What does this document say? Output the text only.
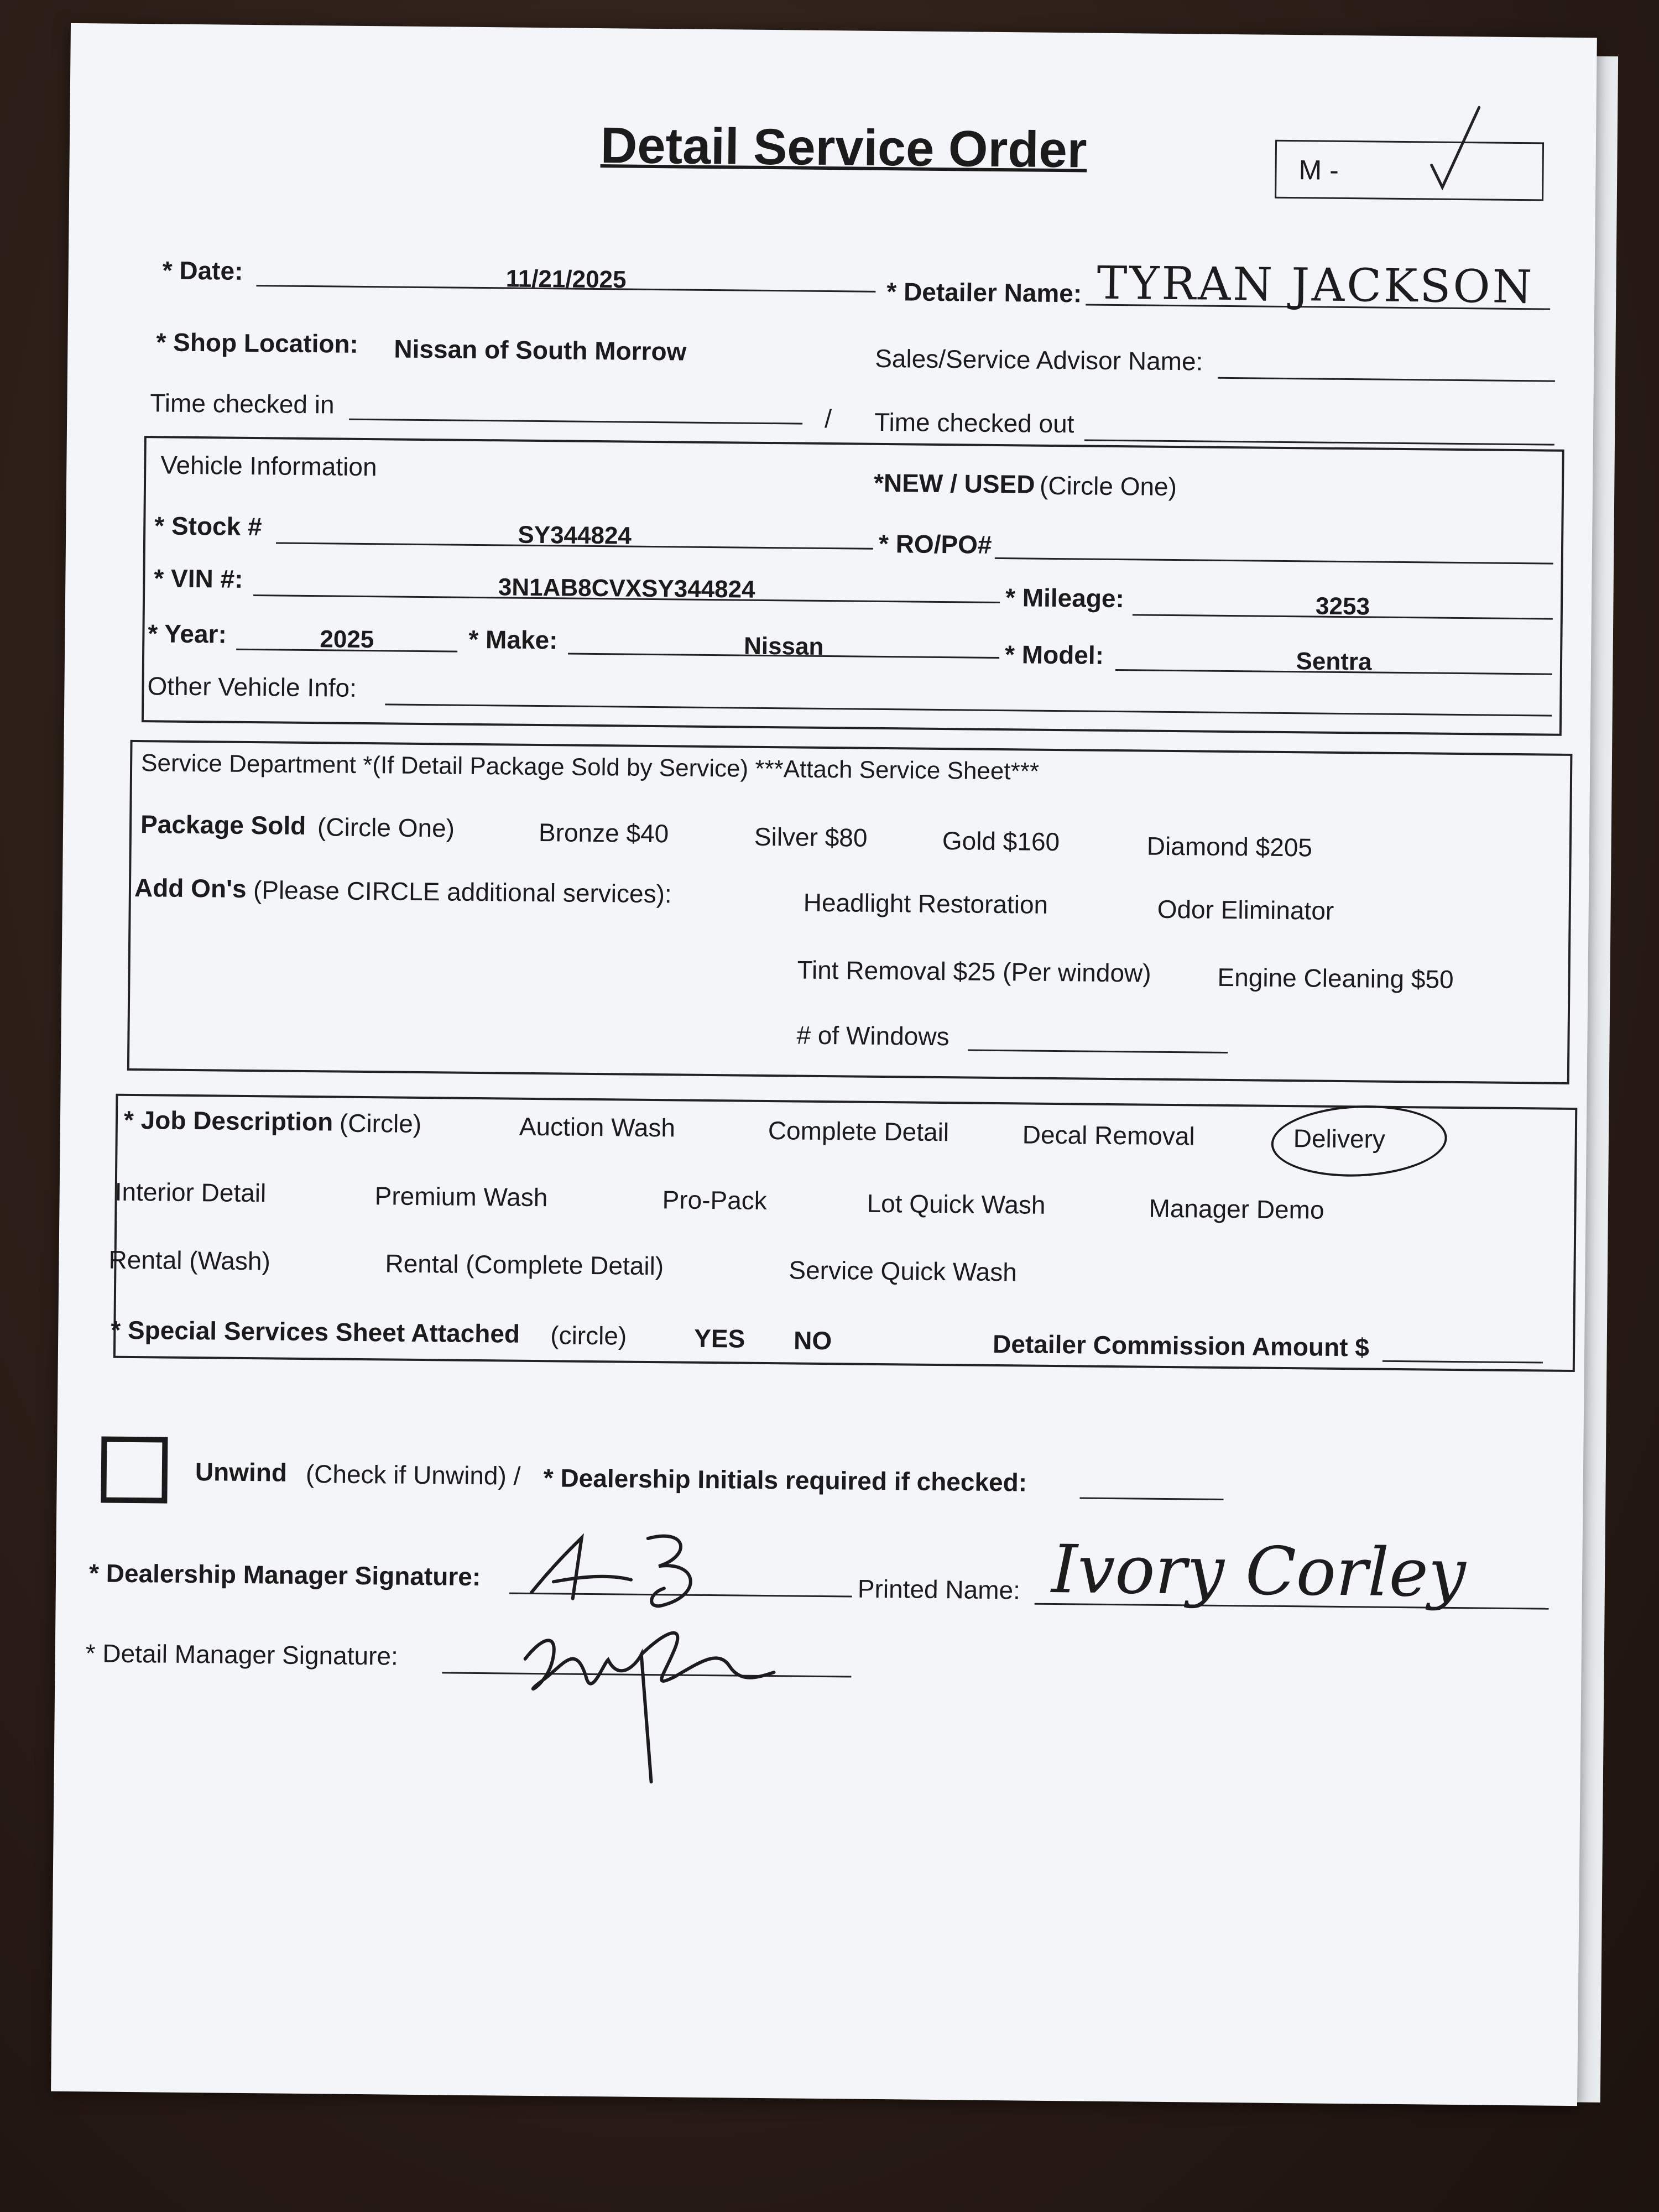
Detail Service Order	M -
* Date:	11/21/2025	* Detailer Name: TYRAN JACKSON
* Shop Location: Nissan of South Morrow	Sales/Service Advisor Name:
Time checked in	/ Time checked out
Vehicle Information
*NEW / USED (Circle One)
* Stock #	SY344824	* RO/PO#
* VIN #:	3N1AB8CVXSY344824	* Mileage:	3253
* Year:	2025	* Make:	Nissan	* Model:	Sentra
Other Vehicle Info:
Service Department *(If Detail Package Sold by Service) ***Attach Service Sheet***
Package Sold (Circle One)	Bronze $40	Silver $80	Gold $160	Diamond $205
Add On's (Please CIRCLE additional services):	Headlight Restoration	Odor Eliminator
Tint Removal $25 (Per window)	Engine Cleaning $50
# of Windows
* Job Description (Circle)	Auction Wash	Complete Detail	Decal Removal	Delivery
Interior Detail	Premium Wash	Pro-Pack	Lot Quick Wash	Manager Demo
Rental (Wash)	Rental (Complete Detail)	Service Quick Wash
* Special Services Sheet Attached (circle)	YES NO	Detailer Commission Amount $
Unwind (Check if Unwind) / * Dealership Initials required if checked:
* Dealership Manager Signature:	Printed Name: Ivory Corley
* Detail Manager Signature:
